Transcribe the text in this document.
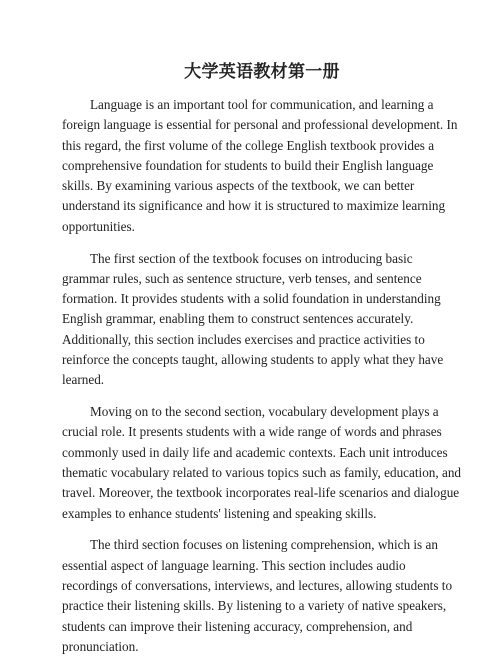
大学英语教材第一册

Language is an important tool for communication, and learning a foreign language is essential for personal and professional development. In this regard, the first volume of the college English textbook provides a comprehensive foundation for students to build their English language skills. By examining various aspects of the textbook, we can better understand its significance and how it is structured to maximize learning opportunities.

The first section of the textbook focuses on introducing basic grammar rules, such as sentence structure, verb tenses, and sentence formation. It provides students with a solid foundation in understanding English grammar, enabling them to construct sentences accurately. Additionally, this section includes exercises and practice activities to reinforce the concepts taught, allowing students to apply what they have learned.

Moving on to the second section, vocabulary development plays a crucial role. It presents students with a wide range of words and phrases commonly used in daily life and academic contexts. Each unit introduces thematic vocabulary related to various topics such as family, education, and travel. Moreover, the textbook incorporates real-life scenarios and dialogue examples to enhance students' listening and speaking skills.

The third section focuses on listening comprehension, which is an essential aspect of language learning. This section includes audio recordings of conversations, interviews, and lectures, allowing students to practice their listening skills. By listening to a variety of native speakers, students can improve their listening accuracy, comprehension, and pronunciation.
